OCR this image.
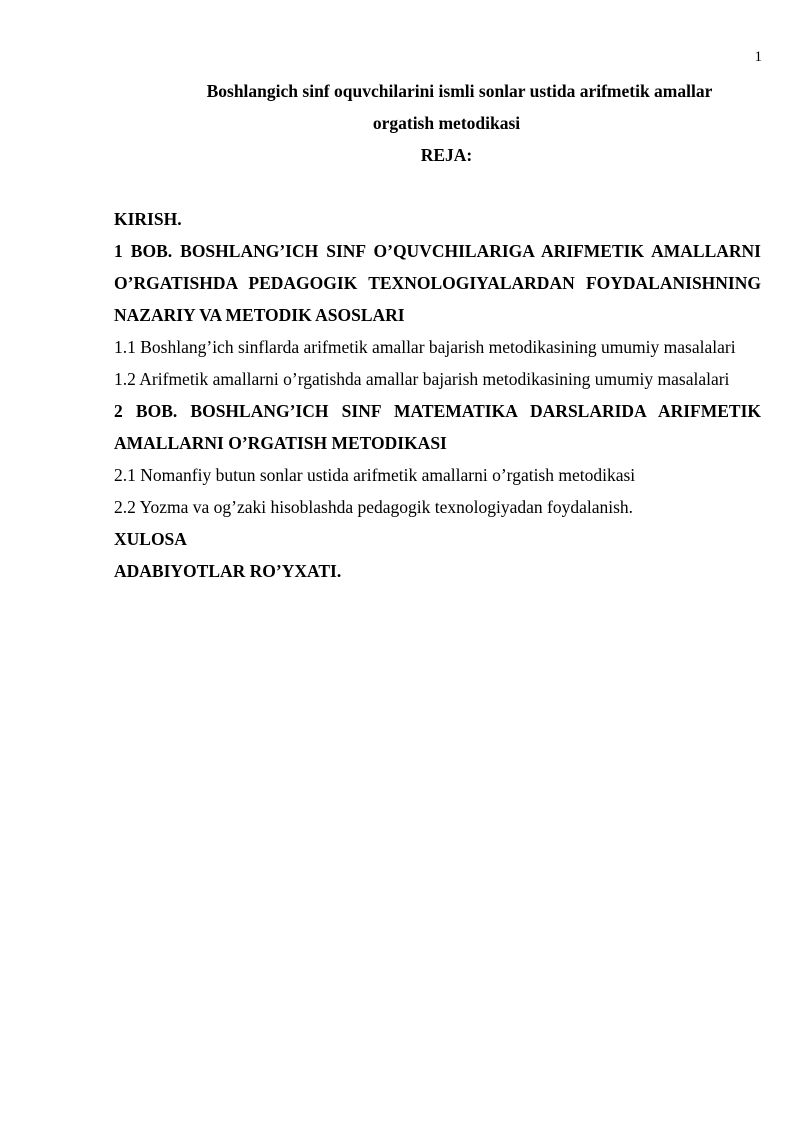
1
Boshlangich sinf oquvchilarini ismli sonlar ustida arifmetik amallar
orgatish metodikasi
REJA:

KIRISH.

1 BOB. BOSHLANG’ICH SINF O’QUVCHILARIGA ARIFMETIK AMALLARNI O’RGATISHDA PEDAGOGIK TEXNOLOGIYALARDAN FOYDALANISHNING NAZARIY VA METODIK ASOSLARI

1.1 Boshlang’ich sinflarda arifmetik amallar bajarish metodikasining umumiy masalalari

1.2 Arifmetik amallarni o’rgatishda amallar bajarish metodikasining umumiy masalalari

2 BOB. BOSHLANG’ICH SINF MATEMATIKA DARSLARIDA ARIFMETIK AMALLARNI O’RGATISH METODIKASI

2.1 Nomanfiy butun sonlar ustida arifmetik amallarni o’rgatish metodikasi

2.2 Yozma va og’zaki hisoblashda pedagogik texnologiyadan foydalanish.

XULOSA

ADABIYOTLAR RO’YXATI.
